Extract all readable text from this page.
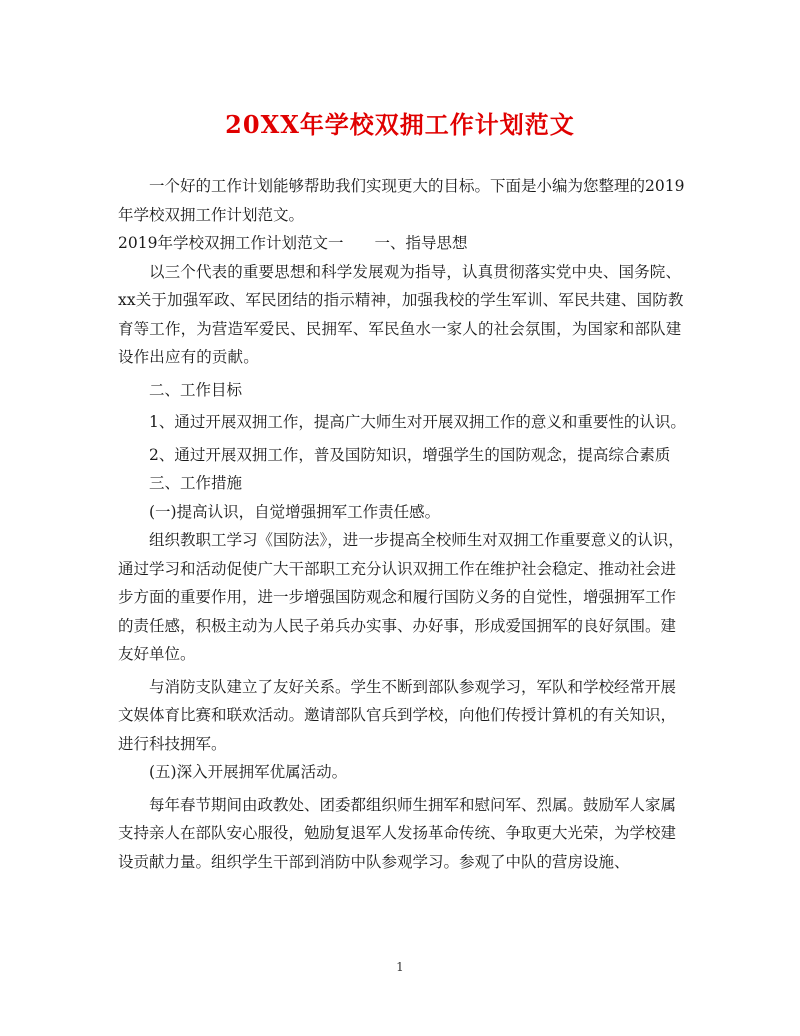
20XX年学校双拥工作计划范文

一个好的工作计划能够帮助我们实现更大的目标。下面是小编为您整理的2019年学校双拥工作计划范文。

2019年学校双拥工作计划范文一　　一、指导思想

以三个代表的重要思想和科学发展观为指导，认真贯彻落实党中央、国务院、xx关于加强军政、军民团结的指示精神，加强我校的学生军训、军民共建、国防教育等工作，为营造军爱民、民拥军、军民鱼水一家人的社会氛围，为国家和部队建设作出应有的贡献。

二、工作目标

1、通过开展双拥工作，提高广大师生对开展双拥工作的意义和重要性的认识。

2、通过开展双拥工作，普及国防知识，增强学生的国防观念，提高综合素质

三、工作措施

(一)提高认识，自觉增强拥军工作责任感。

组织教职工学习《国防法》，进一步提高全校师生对双拥工作重要意义的认识，通过学习和活动促使广大干部职工充分认识双拥工作在维护社会稳定、推动社会进步方面的重要作用，进一步增强国防观念和履行国防义务的自觉性，增强拥军工作的责任感，积极主动为人民子弟兵办实事、办好事，形成爱国拥军的良好氛围。建友好单位。

与消防支队建立了友好关系。学生不断到部队参观学习，军队和学校经常开展文娱体育比赛和联欢活动。邀请部队官兵到学校，向他们传授计算机的有关知识，进行科技拥军。

(五)深入开展拥军优属活动。

每年春节期间由政教处、团委都组织师生拥军和慰问军、烈属。鼓励军人家属支持亲人在部队安心服役，勉励复退军人发扬革命传统、争取更大光荣，为学校建设贡献力量。组织学生干部到消防中队参观学习。参观了中队的营房设施、

1
